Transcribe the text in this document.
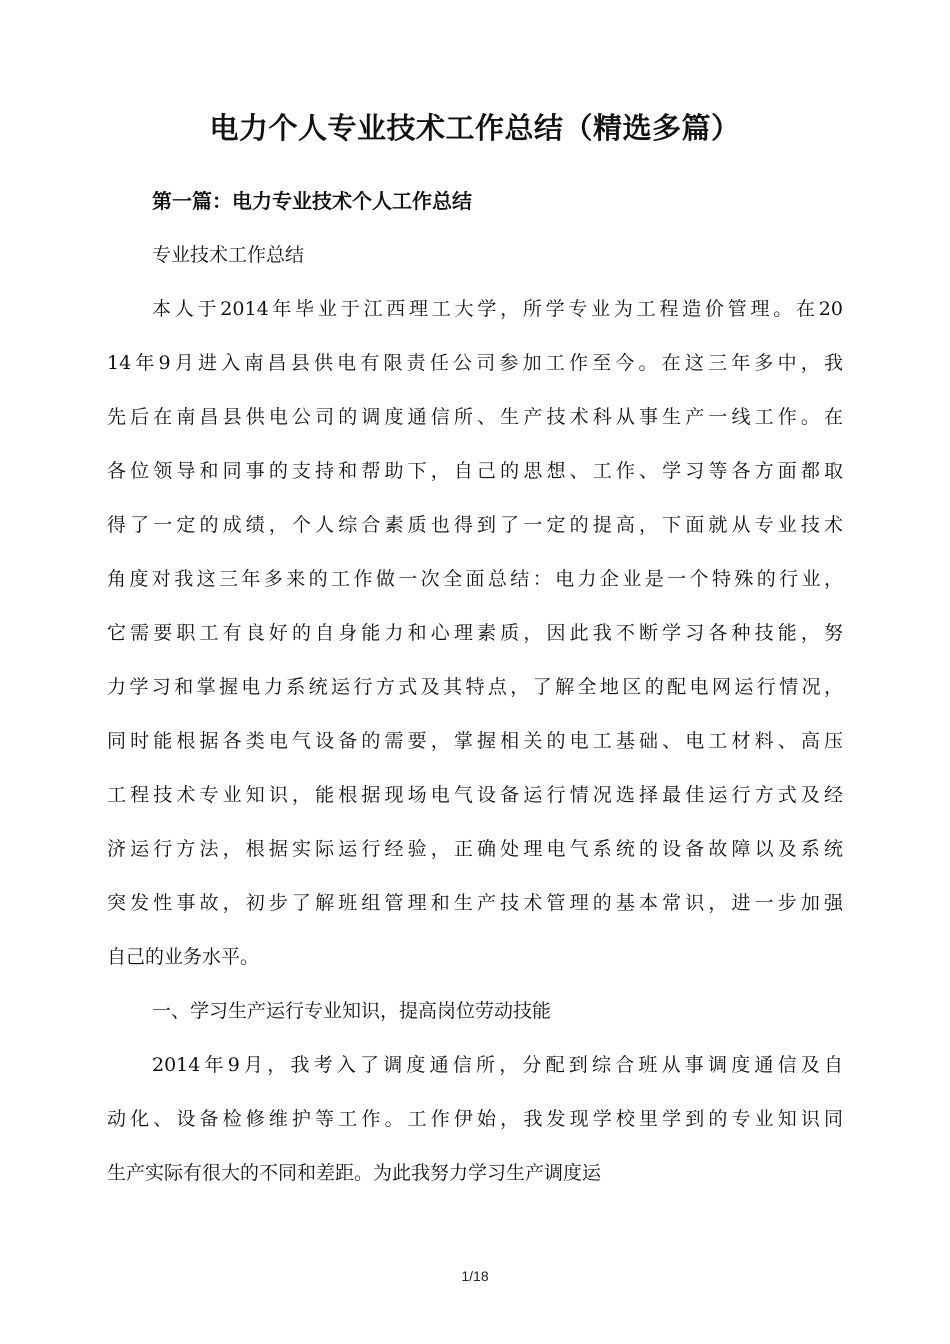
电力个人专业技术工作总结（精选多篇）
第一篇：电力专业技术个人工作总结
专业技术工作总结
本人于2014年毕业于江西理工大学，所学专业为工程造价管理。在20
14年9月进入南昌县供电有限责任公司参加工作至今。在这三年多中，我
先后在南昌县供电公司的调度通信所、生产技术科从事生产一线工作。在
各位领导和同事的支持和帮助下，自己的思想、工作、学习等各方面都取
得了一定的成绩，个人综合素质也得到了一定的提高，下面就从专业技术
角度对我这三年多来的工作做一次全面总结：电力企业是一个特殊的行业，
它需要职工有良好的自身能力和心理素质，因此我不断学习各种技能，努
力学习和掌握电力系统运行方式及其特点，了解全地区的配电网运行情况，
同时能根据各类电气设备的需要，掌握相关的电工基础、电工材料、高压
工程技术专业知识，能根据现场电气设备运行情况选择最佳运行方式及经
济运行方法，根据实际运行经验，正确处理电气系统的设备故障以及系统
突发性事故，初步了解班组管理和生产技术管理的基本常识，进一步加强
自己的业务水平。
一、学习生产运行专业知识，提高岗位劳动技能
2014年9月，我考入了调度通信所，分配到综合班从事调度通信及自
动化、设备检修维护等工作。工作伊始，我发现学校里学到的专业知识同
生产实际有很大的不同和差距。为此我努力学习生产调度运
1/18
